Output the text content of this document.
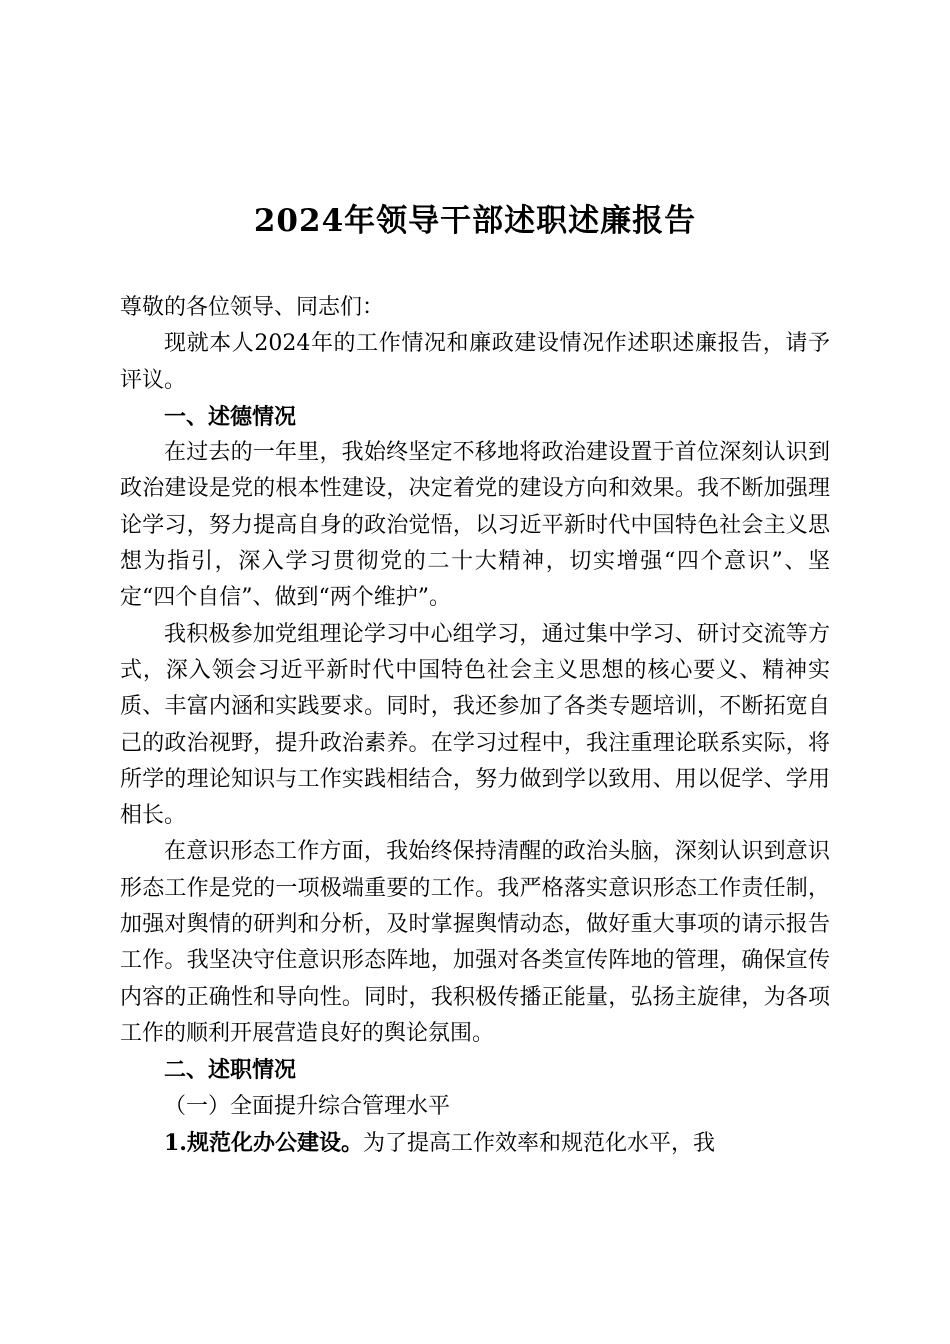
2024年领导干部述职述廉报告

尊敬的各位领导、同志们：

现就本人2024年的工作情况和廉政建设情况作述职述廉报告，请予评议。

一、述德情况

在过去的一年里，我始终坚定不移地将政治建设置于首位深刻认识到政治建设是党的根本性建设，决定着党的建设方向和效果。我不断加强理论学习，努力提高自身的政治觉悟，以习近平新时代中国特色社会主义思想为指引，深入学习贯彻党的二十大精神，切实增强“四个意识”、坚定“四个自信”、做到“两个维护”。

我积极参加党组理论学习中心组学习，通过集中学习、研讨交流等方式，深入领会习近平新时代中国特色社会主义思想的核心要义、精神实质、丰富内涵和实践要求。同时，我还参加了各类专题培训，不断拓宽自己的政治视野，提升政治素养。在学习过程中，我注重理论联系实际，将所学的理论知识与工作实践相结合，努力做到学以致用、用以促学、学用相长。

在意识形态工作方面，我始终保持清醒的政治头脑，深刻认识到意识形态工作是党的一项极端重要的工作。我严格落实意识形态工作责任制，加强对舆情的研判和分析，及时掌握舆情动态，做好重大事项的请示报告工作。我坚决守住意识形态阵地，加强对各类宣传阵地的管理，确保宣传内容的正确性和导向性。同时，我积极传播正能量，弘扬主旋律，为各项工作的顺利开展营造良好的舆论氛围。

二、述职情况

（一）全面提升综合管理水平

1.规范化办公建设。为了提高工作效率和规范化水平，我
